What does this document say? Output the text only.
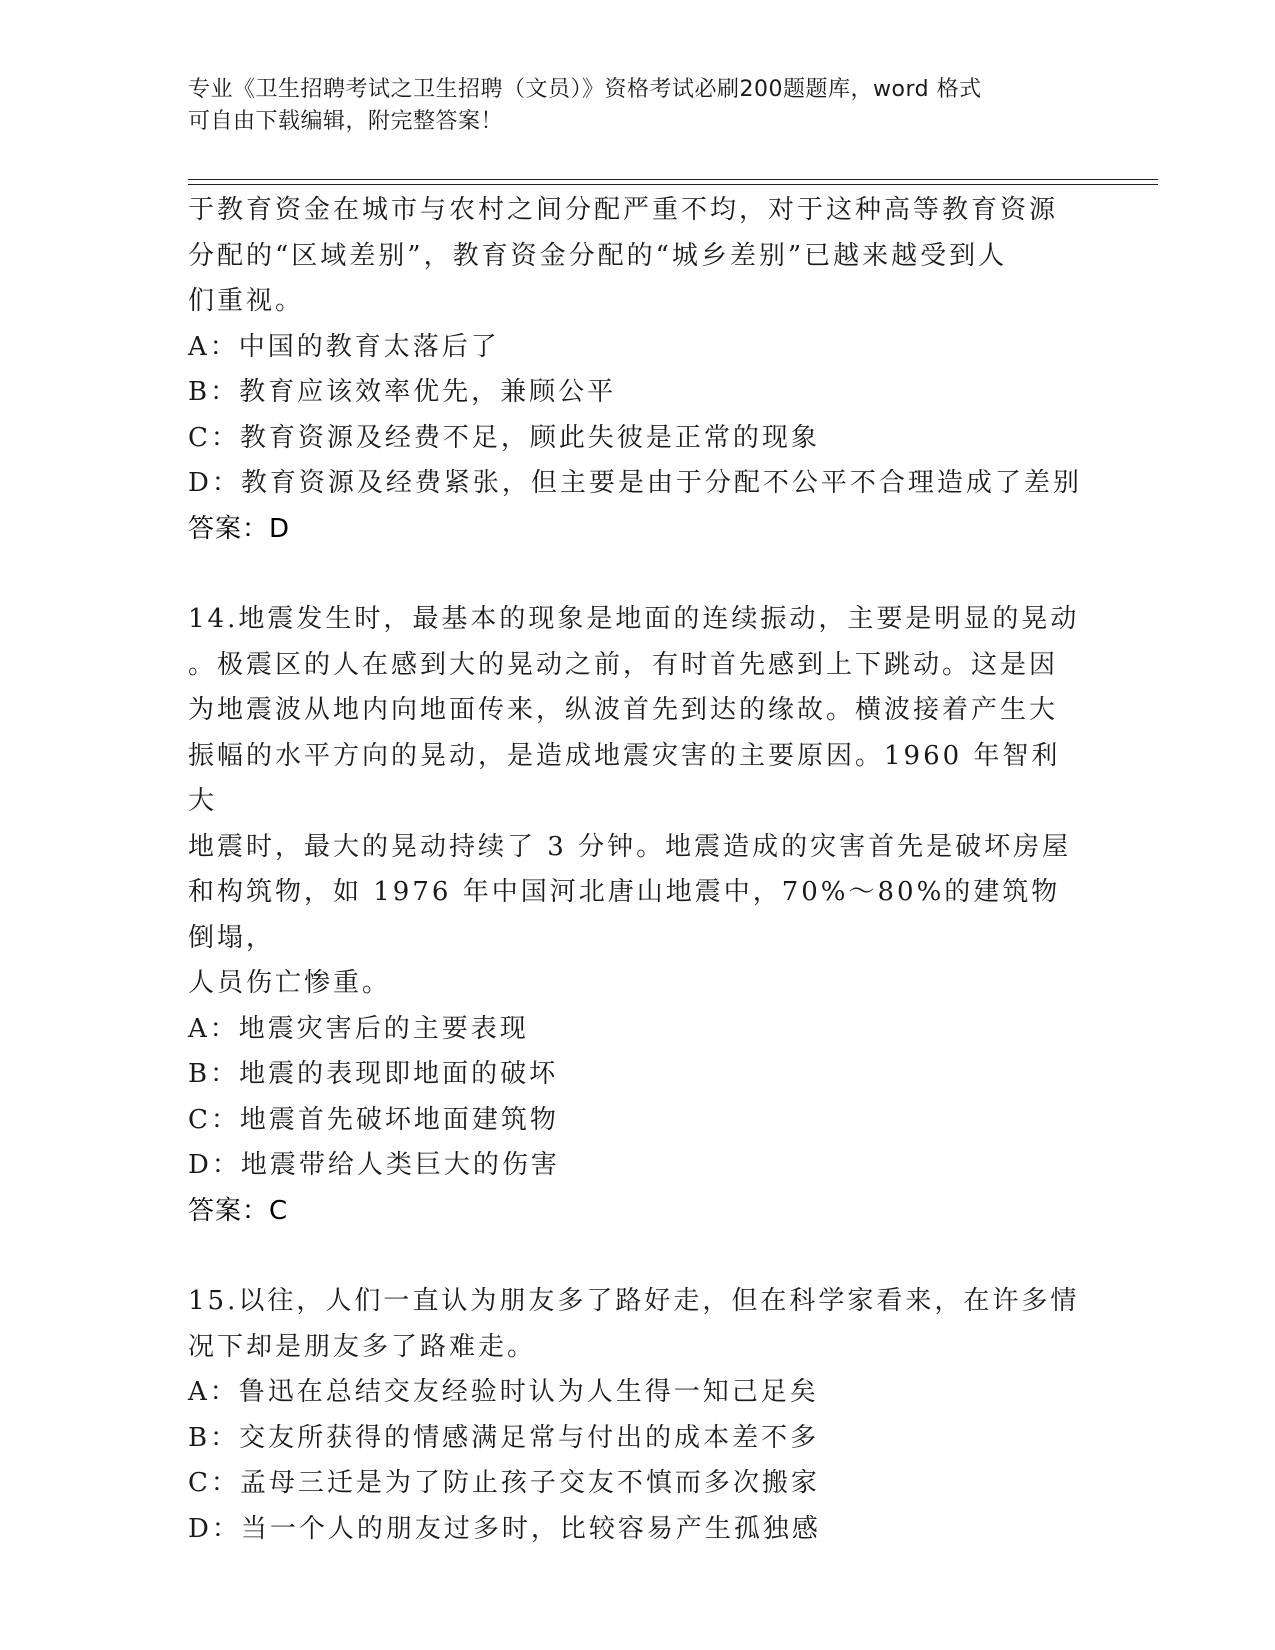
专业《卫生招聘考试之卫生招聘（文员）》资格考试必刷200题题库，word 格式
可自由下载编辑，附完整答案！

于教育资金在城市与农村之间分配严重不均，对于这种高等教育资源

分配的“区域差别”，教育资金分配的“城乡差别”已越来越受到人

们重视。

A：中国的教育太落后了

B：教育应该效率优先，兼顾公平

C：教育资源及经费不足，顾此失彼是正常的现象

D：教育资源及经费紧张，但主要是由于分配不公平不合理造成了差别

答案：D

14.地震发生时，最基本的现象是地面的连续振动，主要是明显的晃动

。极震区的人在感到大的晃动之前，有时首先感到上下跳动。这是因

为地震波从地内向地面传来，纵波首先到达的缘故。横波接着产生大

振幅的水平方向的晃动，是造成地震灾害的主要原因。1960 年智利大

地震时，最大的晃动持续了 3 分钟。地震造成的灾害首先是破坏房屋

和构筑物，如 1976 年中国河北唐山地震中，70%～80%的建筑物倒塌，

人员伤亡惨重。

A：地震灾害后的主要表现

B：地震的表现即地面的破坏

C：地震首先破坏地面建筑物

D：地震带给人类巨大的伤害

答案：C

15.以往，人们一直认为朋友多了路好走，但在科学家看来，在许多情

况下却是朋友多了路难走。

A：鲁迅在总结交友经验时认为人生得一知己足矣

B：交友所获得的情感满足常与付出的成本差不多

C：孟母三迁是为了防止孩子交友不慎而多次搬家

D：当一个人的朋友过多时，比较容易产生孤独感
